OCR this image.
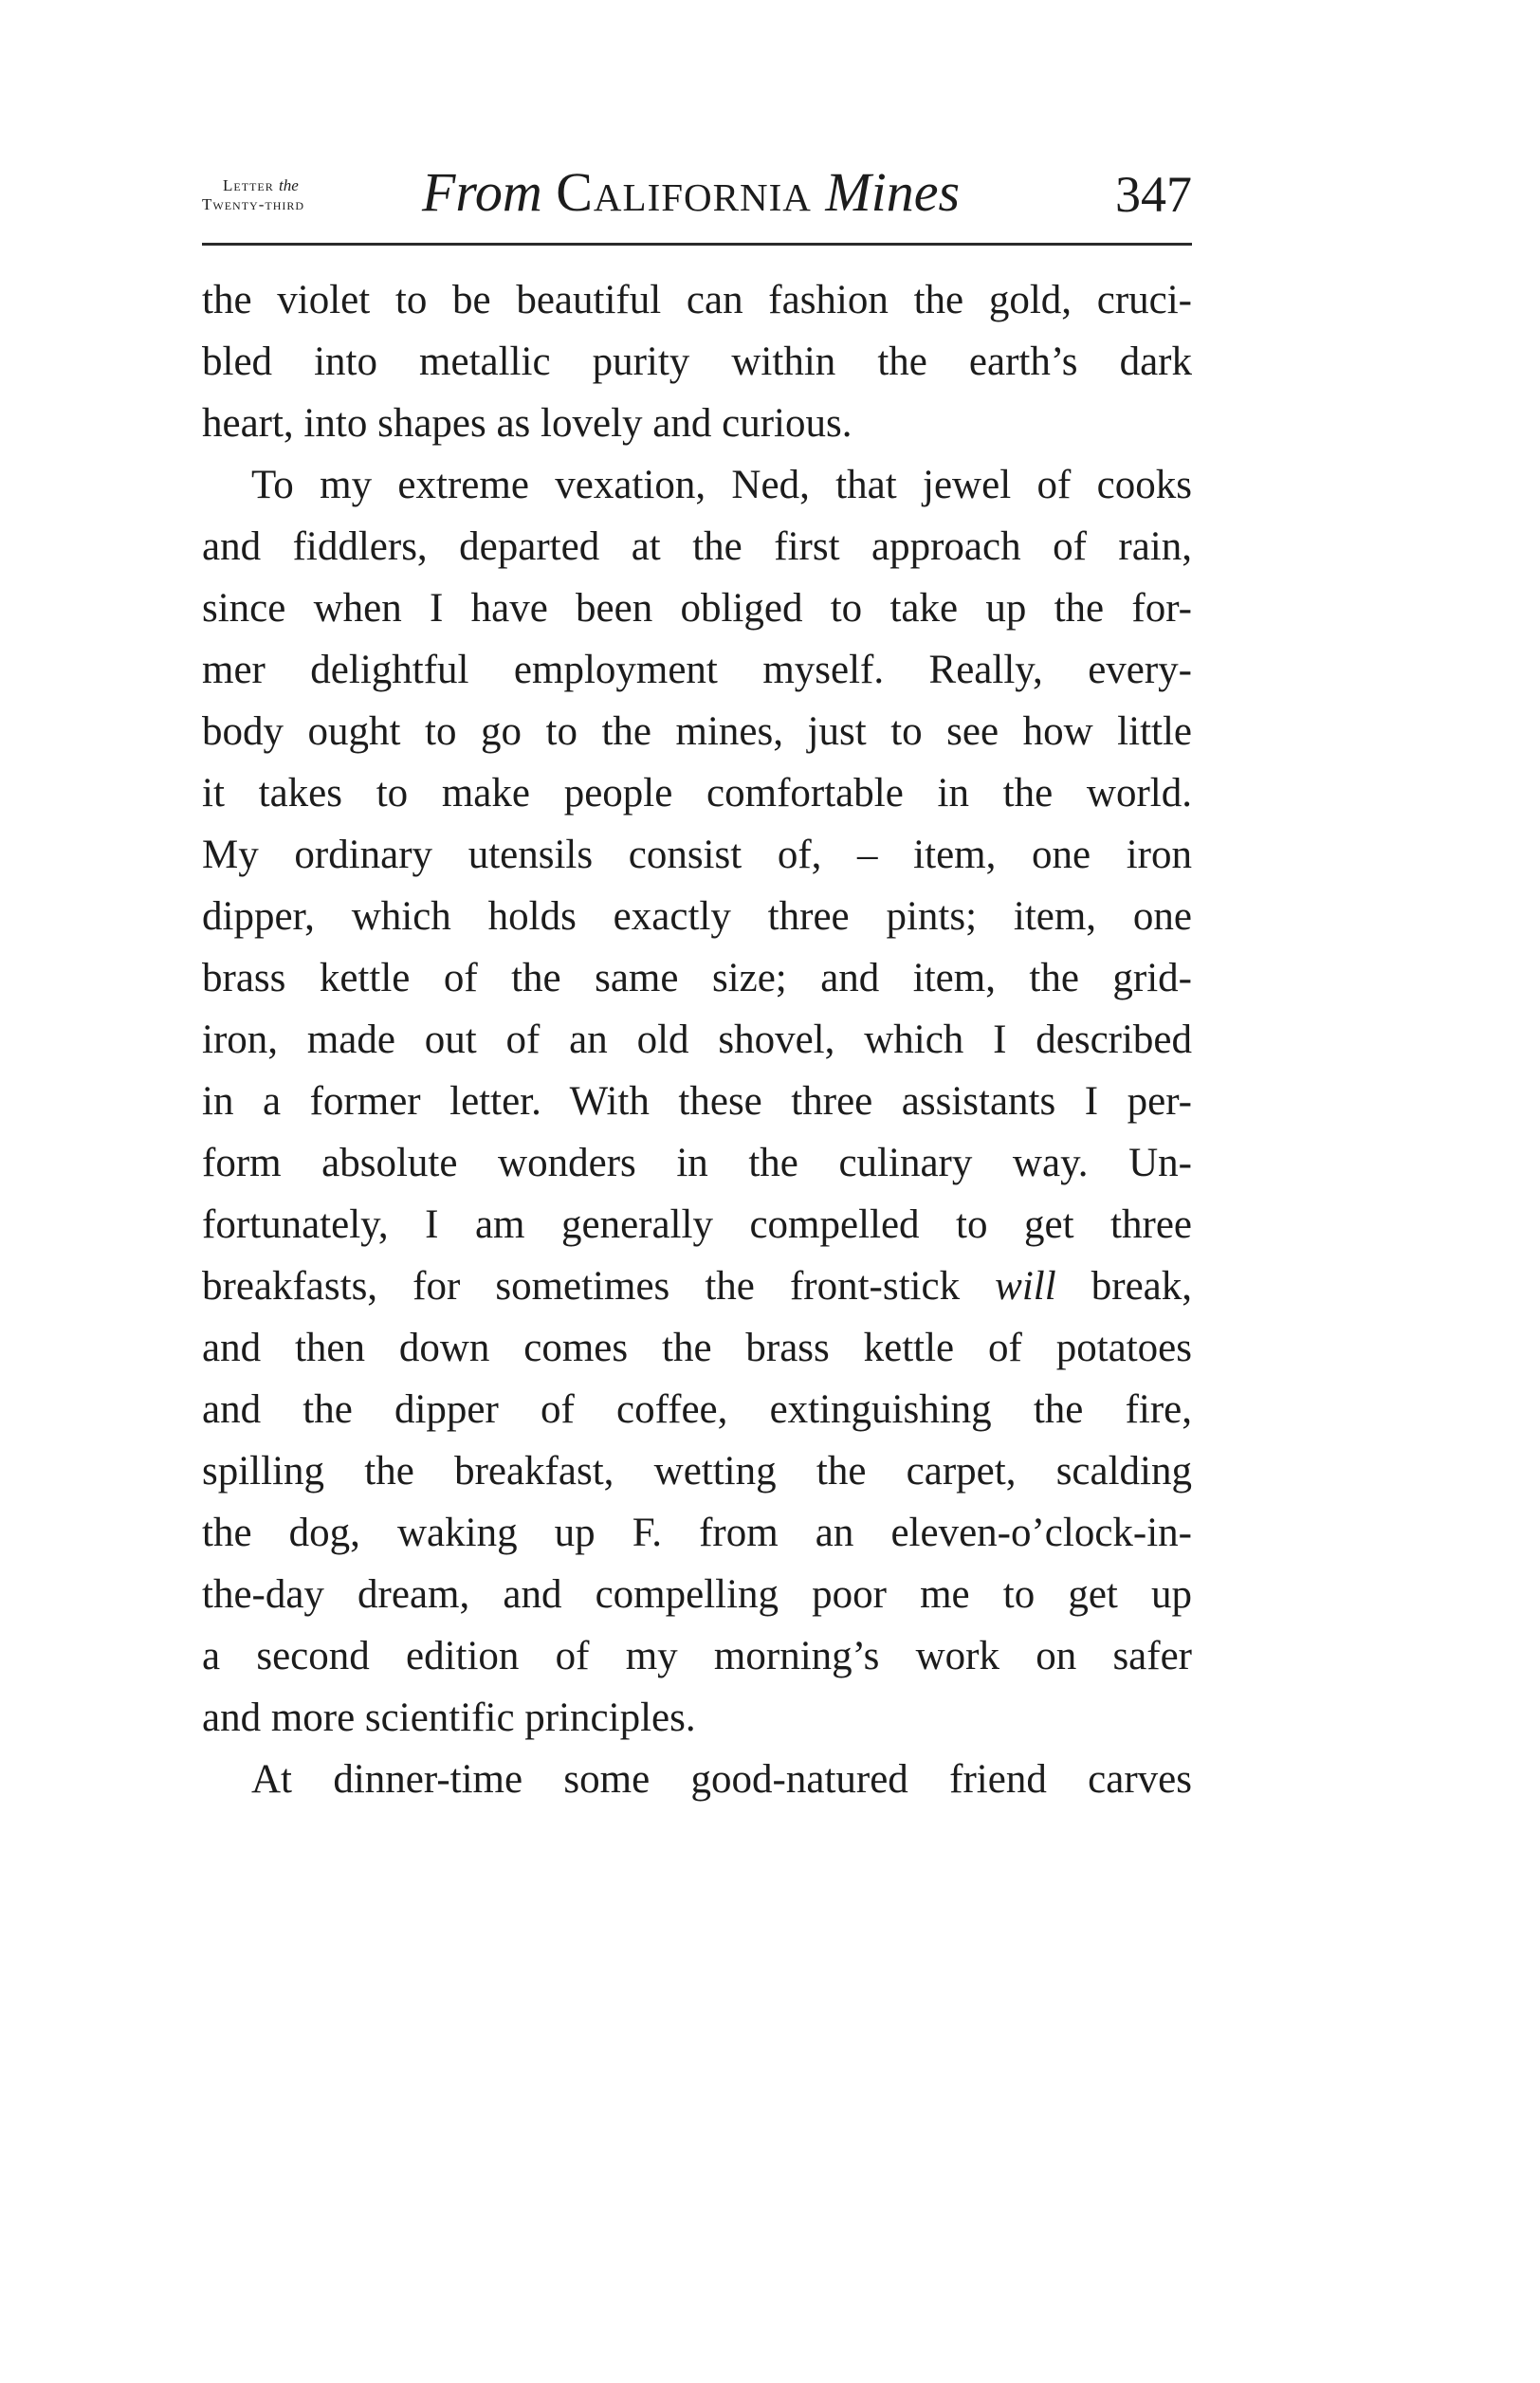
Letter the
Twenty-third	From California Mines	347
the violet to be beautiful can fashion the gold, cruci-
bled into metallic purity within the earth’s dark
heart, into shapes as lovely and curious.
To my extreme vexation, Ned, that jewel of cooks
and fiddlers, departed at the first approach of rain,
since when I have been obliged to take up the for-
mer delightful employment myself. Really, every-
body ought to go to the mines, just to see how little
it takes to make people comfortable in the world.
My ordinary utensils consist of, – item, one iron
dipper, which holds exactly three pints; item, one
brass kettle of the same size; and item, the grid-
iron, made out of an old shovel, which I described
in a former letter. With these three assistants I per-
form absolute wonders in the culinary way. Un-
fortunately, I am generally compelled to get three
breakfasts, for sometimes the front-stick will break,
and then down comes the brass kettle of potatoes
and the dipper of coffee, extinguishing the fire,
spilling the breakfast, wetting the carpet, scalding
the dog, waking up F. from an eleven-o’clock-in-
the-day dream, and compelling poor me to get up
a second edition of my morning’s work on safer
and more scientific principles.
At dinner-time some good-natured friend carves
